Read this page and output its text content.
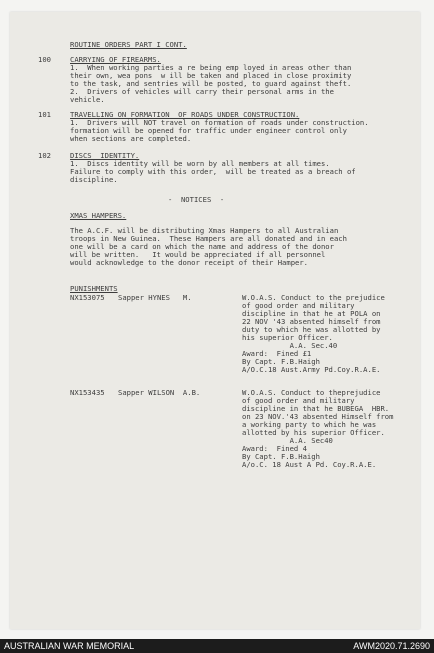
ROUTINE ORDERS PART I CONT.
100	CARRYING OF FIREARMS.
1.  When working parties a re being emp loyed in areas other than
their own, wea pons  w ill be taken and placed in close proximity
to the task, and sentries will be posted, to guard against theft.
2.  Drivers of vehicles will carry their personal arms in the
vehicle.
101	TRAVELLING ON FORMATION  OF ROADS UNDER CONSTRUCTION.
1.  Drivers will NOT travel on formation of roads under construction.
formation will be opened for traffic under engineer control only
when sections are completed.
102	DISCS  IDENTITY.
1.  Discs identity will be worn by all members at all times.
Failure to comply with this order,  will be treated as a breach of
discipline.
-  NOTICES  -
XMAS HAMPERS.
The A.C.F. will be distributing Xmas Hampers to all Australian
troops in New Guinea.  These Hampers are all donated and in each
one will be a card on which the name and address of the donor
will be written.   It would be appreciated if all personnel
would acknowledge to the donor receipt of their Hamper.
PUNISHMENTS
NX153075 Sapper HYNES   M.	W.O.A.S. Conduct to the prejudice
of good order and military
discipline in that he at POLA on
22 NOV '43 absented himself from
duty to which he was allotted by
his superior Officer.
A.A. Sec.40
Award:  Fined £1
By Capt. F.B.Haigh
A/O.C.18 Aust.Army Pd.Coy.R.A.E.
NX153435 Sapper WILSON  A.B.	W.O.A.S. Conduct to theprejudice
of good order and military
discipline in that he BUBEGA  HBR.
on 23 NOV.'43 absented Himself from
a working party to which he was
allotted by his superior Officer.
A.A. Sec40
Award:  Fined 4
By Capt. F.B.Haigh
A/o.C. 18 Aust A Pd. Coy.R.A.E.
AUSTRALIAN WAR MEMORIAL	AWM2020.71.2690
